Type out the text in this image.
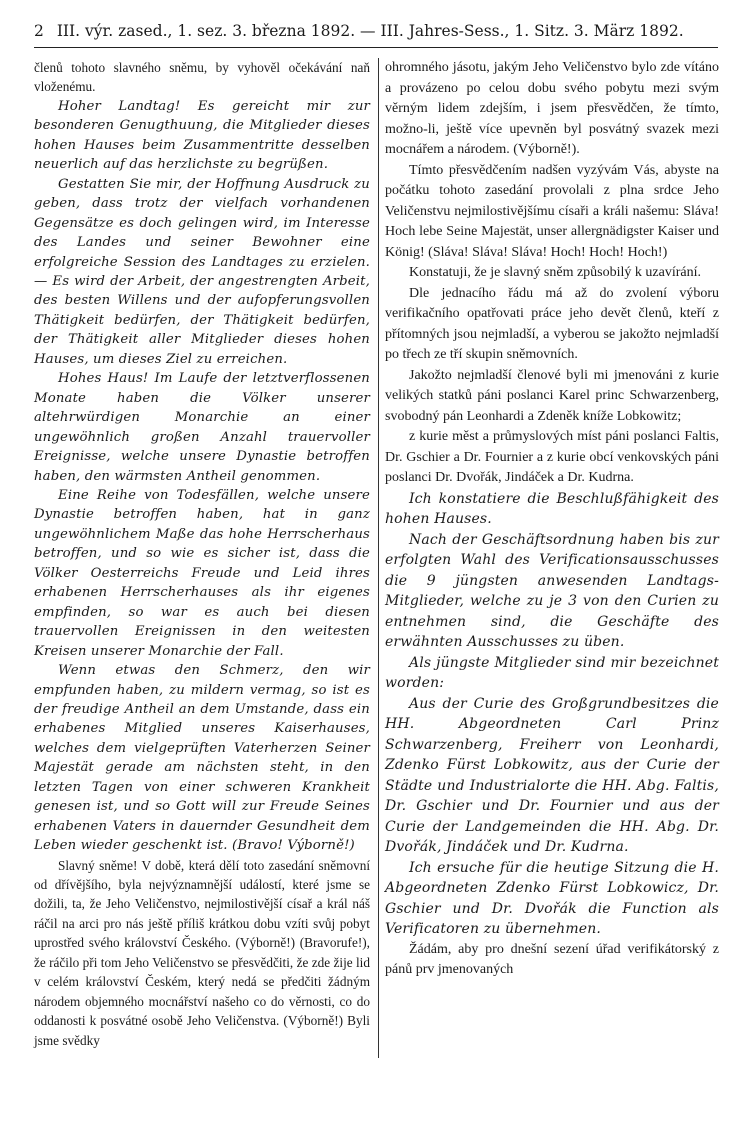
2 III. výr. zased., 1. sez. 3. března 1892. — III. Jahres-Sess., 1. Sitz. 3. März 1892.

členů tohoto slavného sněmu, by vyhověl očekávání naň vloženému.

Hoher Landtag! Es gereicht mir zur besonderen Genugthuung, die Mitglieder dieses hohen Hauses beim Zusammentritte desselben neuerlich auf das herzlichste zu begrüßen.

Gestatten Sie mir, der Hoffnung Ausdruck zu geben, dass trotz der vielfach vorhandenen Gegensätze es doch gelingen wird, im Interesse des Landes und seiner Bewohner eine erfolgreiche Session des Landtages zu erzielen. — Es wird der Arbeit, der angestrengten Arbeit, des besten Willens und der aufopferungsvollen Thätigkeit bedürfen, der Thätigkeit bedürfen, der Thätigkeit aller Mitglieder dieses hohen Hauses, um dieses Ziel zu erreichen.

Hohes Haus! Im Laufe der letztverflossenen Monate haben die Völker unserer altehrwürdigen Monarchie an einer ungewöhnlich großen Anzahl trauervoller Ereignisse, welche unsere Dynastie betroffen haben, den wärmsten Antheil genommen.

Eine Reihe von Todesfällen, welche unsere Dynastie betroffen haben, hat in ganz ungewöhnlichem Maße das hohe Herrscherhaus betroffen, und so wie es sicher ist, dass die Völker Oesterreichs Freude und Leid ihres erhabenen Herrscherhauses als ihr eigenes empfinden, so war es auch bei diesen trauervollen Ereignissen in den weitesten Kreisen unserer Monarchie der Fall.

Wenn etwas den Schmerz, den wir empfunden haben, zu mildern vermag, so ist es der freudige Antheil an dem Umstande, dass ein erhabenes Mitglied unseres Kaiserhauses, welches dem vielgeprüften Vaterherzen Seiner Majestät gerade am nächsten steht, in den letzten Tagen von einer schweren Krankheit genesen ist, und so Gott will zur Freude Seines erhabenen Vaters in dauernder Gesundheit dem Leben wieder geschenkt ist. (Bravo! Výborně!)

Slavný sněme! V době, která dělí toto zasedání sněmovní od dřívějšího, byla nejvýznamnější událostí, které jsme se dožili, ta, že Jeho Veličenstvo, nejmilostivější císař a král náš ráčil na arci pro nás ještě příliš krátkou dobu vzíti svůj pobyt uprostřed svého království Českého. (Výborně!) (Bravorufe!), že ráčilo při tom Jeho Veličenstvo se přesvědčiti, že zde žije lid v celém království Českém, který nedá se předčiti žádným národem objemného mocnářství našeho co do věrnosti, co do oddanosti k posvátné osobě Jeho Veličenstva. (Výborně!) Byli jsme svědky

ohromného jásotu, jakým Jeho Veličenstvo bylo zde vítáno a provázeno po celou dobu svého pobytu mezi svým věrným lidem zdejším, i jsem přesvědčen, že tímto, možno-li, ještě více upevněn byl posvátný svazek mezi mocnářem a národem. (Výborně!).

Tímto přesvědčením nadšen vyzývám Vás, abyste na počátku tohoto zasedání provolali z plna srdce Jeho Veličenstvu nejmilostivějšímu císaři a králi našemu: Sláva! Hoch lebe Seine Majestät, unser allergnädigster Kaiser und König! (Sláva! Sláva! Sláva! Hoch! Hoch! Hoch!)

Konstatuji, že je slavný sněm způsobilý k uzavírání.

Dle jednacího řádu má až do zvolení výboru verifikačního opatřovati práce jeho devět členů, kteří z přítomných jsou nejmladší, a vyberou se jakožto nejmladší po třech ze tří skupin sněmovních.

Jakožto nejmladší členové byli mi jmenováni z kurie velikých statků páni poslanci Karel princ Schwarzenberg, svobodný pán Leonhardi a Zdeněk kníže Lobkowitz;

z kurie měst a průmyslových míst páni poslanci Faltis, Dr. Gschier a Dr. Fournier a z kurie obcí venkovských páni poslanci Dr. Dvořák, Jindáček a Dr. Kudrna.

Ich konstatiere die Beschlußfähigkeit des hohen Hauses.

Nach der Geschäftsordnung haben bis zur erfolgten Wahl des Verificationsausschusses die 9 jüngsten anwesenden Landtags-Mitglieder, welche zu je 3 von den Curien zu entnehmen sind, die Geschäfte des erwähnten Ausschusses zu üben.

Als jüngste Mitglieder sind mir bezeichnet worden:

Aus der Curie des Großgrundbesitzes die HH. Abgeordneten Carl Prinz Schwarzenberg, Freiherr von Leonhardi, Zdenko Fürst Lobkowitz, aus der Curie der Städte und Industrialorte die HH. Abg. Faltis, Dr. Gschier und Dr. Fournier und aus der Curie der Landgemeinden die HH. Abg. Dr. Dvořák, Jindáček und Dr. Kudrna.

Ich ersuche für die heutige Sitzung die H. Abgeordneten Zdenko Fürst Lobkowicz, Dr. Gschier und Dr. Dvořák die Function als Verificatoren zu übernehmen.

Žádám, aby pro dnešní sezení úřad verifikátorský z pánů prv jmenovaných
